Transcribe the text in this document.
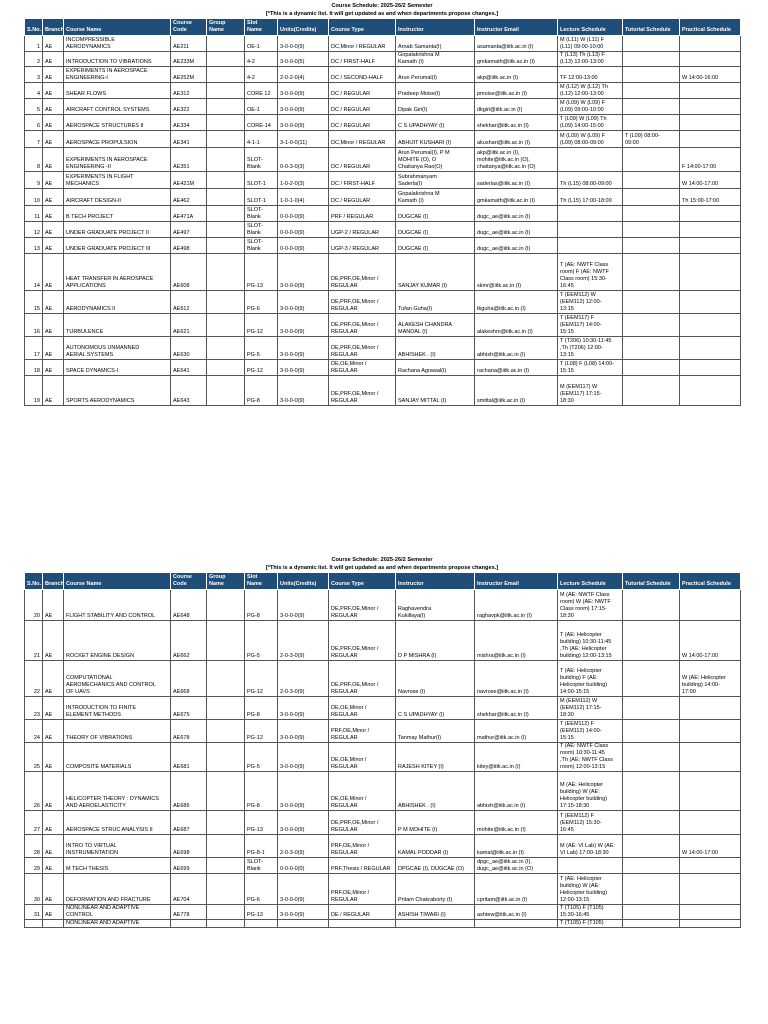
Course Schedule: 2025-26/2 Semester
[*This is a dynamic list. It will get updated as and when departments propose changes.]
S.No.	Branch	Course Name	Course
Code	Group
Name	Slot
Name	Units(Credits)	Course Type	Instructor	Instructor Email	Lecture Schedule	Tutorial Schedule	Practical Schedule
1	AE	INCOMPRESSIBLE
AERODYNAMICS	AE211		OE-1	3-0-0-0(9)	DC,Minor / REGULAR	Arnab Samanta(I)	asamanta@iitk.ac.in (I)	M (L11) W (L11) F
(L11) 09:00-10:00		
2	AE	INTRODUCTION TO VIBRATIONS	AE233M		4-2	3-0-0-0(5)	DC / FIRST-HALF	Gopalakrishna M
Kamath (I)	gmkamath@iitk.ac.in (I)	T (L13) Th (L13) F
(L13) 12:00-13:00		
3	AE	EXPERIMENTS IN AEROSPACE
ENGINEERING-I	AE252M		4-2	2-0-2-0(4)	DC / SECOND-HALF	Arun Perumal(I)	akp@iitk.ac.in (I)	TF 12:00-13:00		W 14:00-16:00
4	AE	SHEAR FLOWS	AE312		CORE 12	3-0-0-0(9)	DC / REGULAR	Pradeep Moise(I)	pmoise@iitk.ac.in (I)	M (L12) W (L12) Th
(L12) 12:00-13:00		
5	AE	AIRCRAFT CONTROL SYSTEMS	AE322		OE-1	3-0-0-0(9)	DC / REGULAR	Dipak Giri(I)	dkgiri@iitk.ac.in (I)	M (L09) W (L09) F
(L09) 09:00-10:00		
6	AE	AEROSPACE STRUCTURES II	AE334		CORE-14	3-0-0-0(9)	DC / REGULAR	C S UPADHYAY (I)	shekhar@iitk.ac.in (I)	T (L09) W (L09) Th
(L09) 14:00-15:00		
7	AE	AEROSPACE PROPULSION	AE341		4-1-1	3-1-0-0(11)	DC,Minor / REGULAR	ABHIJIT KUSHARI (I)	akushari@iitk.ac.in (I)	M (L09) W (L09) F
(L09) 08:00-09:00	T (L09) 08:00-
09:00	
8	AE	EXPERIMENTS IN AEROSPACE
ENGINEERING -II	AE351		SLOT-
Blank	0-0-3-0(3)	DC / REGULAR	Arun Perumal(I), P M
MOHITE (O), O
Chaitanya Rao(O)	akp@iitk.ac.in (I),
mohite@iitk.ac.in (O),
chaitanya@iitk.ac.in (O)			F 14:00-17:00
9	AE	EXPERIMENTS IN FLIGHT
MECHANICS	AE421M		SLOT-1	1-0-2-0(3)	DC / FIRST-HALF	Subrahmanyam
Saderla(I)	saderlas@iitk.ac.in (I)	Th (L15) 08:00-09:00		W 14:00-17:00
10	AE	AIRCRAFT DESIGN-II	AE462		SLOT-1	1-0-1-0(4)	DC / REGULAR	Gopalakrishna M
Kamath (I)	gmkamath@iitk.ac.in (I)	Th (L15) 17:00-18:00		Th 15:00-17:00
11	AE	B TECH PROJECT	AE471A		SLOT-
Blank	0-0-0-0(9)	PRF / REGULAR	DUGCAE (I)	dugc_ae@iitk.ac.in (I)			
12	AE	UNDER GRADUATE PROJECT II	AE497		SLOT-
Blank	0-0-0-0(9)	UGP-2 / REGULAR	DUGCAE (I)	dugc_ae@iitk.ac.in (I)			
13	AE	UNDER GRADUATE PROJECT III	AE498		SLOT-
Blank	0-0-0-0(9)	UGP-3 / REGULAR	DUGCAE (I)	dugc_ae@iitk.ac.in (I)			
14	AE	HEAT TRANSFER IN AEROSPACE
APPLICATIONS	AE608		PG-13	3-0-0-0(9)	DE,PRF,OE,Minor /
REGULAR	SANJAY KUMAR (I)	skmr@iitk.ac.in (I)	T (AE: NWTF Class
room) F (AE: NWTF
Class room) 15:30-
16:45		
15	AE	AERODYNAMICS II	AE612		PG-6	3-0-0-0(9)	DE,PRF,OE,Minor /
REGULAR	Tufan Guha(I)	tkguha@iitk.ac.in (I)	T (EEM112) W
(EEM112) 12:00-
13:15		
16	AE	TURBULENCE	AE621		PG-12	3-0-0-0(9)	DE,PRF,OE,Minor /
REGULAR	ALAKESH CHANDRA
MANDAL (I)	alakeshm@iitk.ac.in (I)	T (EEM117) F
(EEM117) 14:00-
15:15		
17	AE	AUTONOMOUS UNMANNED
AERIAL SYSTEMS	AE630		PG-5	3-0-0-0(9)	DE,PRF,OE,Minor /
REGULAR	ABHISHEK . (I)	abhish@iitk.ac.in (I)	T (T206) 10:30-11:45
,Th (T206) 12:00-
13:15		
18	AE	SPACE DYNAMICS-I	AE641		PG-12	3-0-0-0(9)	DE,OE,Minor /
REGULAR	Rachana Agrawal(I)	rachana@iitk.ac.in (I)	T (L08) F (L08) 14:00-
15:15		
19	AE	SPORTS AERODYNAMICS	AE643		PG-8	3-0-0-0(9)	DE,PRF,OE,Minor /
REGULAR	SANJAY MITTAL (I)	smittal@iitk.ac.in (I)	M (EEM117) W
(EEM117) 17:15-
18:30		
Course Schedule: 2025-26/2 Semester
[*This is a dynamic list. It will get updated as and when departments propose changes.]
S.No.	Branch	Course Name	Course
Code	Group
Name	Slot
Name	Units(Credits)	Course Type	Instructor	Instructor Email	Lecture Schedule	Tutorial Schedule	Practical Schedule
20	AE	FLIGHT STABILITY AND CONTROL	AE648		PG-8	3-0-0-0(9)	DE,PRF,OE,Minor /
REGULAR	Raghavendra
Kukillaya(I)	raghavpk@iitk.ac.in (I)	M (AE: NWTF Class
room) W (AE: NWTF
Class room) 17:15-
18:30		
21	AE	ROCKET ENGINE DESIGN	AE662		PG-5	2-0-3-0(9)	DE,PRF,OE,Minor /
REGULAR	D P MISHRA (I)	mishra@iitk.ac.in (I)	T (AE: Helicopter
building) 10:30-11:45
,Th (AE: Helicopter
building) 12:00-13:15		W 14:00-17:00
22	AE	COMPUTATIONAL
AEROMECHANICS AND CONTROL
OF UAVS	AE668		PG-12	2-0-3-0(9)	DE,PRF,OE,Minor /
REGULAR	Navrose (I)	navrose@iitk.ac.in (I)	T (AE: Helicopter
building) F (AE:
Helicopter building)
14:00-15:15		W (AE: Helicopter
building) 14:00-
17:00
23	AE	INTRODUCTION TO FINITE
ELEMENT METHODS	AE675		PG-8	3-0-0-0(9)	DE,OE,Minor /
REGULAR	C S UPADHYAY (I)	shekhar@iitk.ac.in (I)	M (EEM112) W
(EEM112) 17:15-
18:30		
24	AE	THEORY OF VIBRATIONS	AE678		PG-12	3-0-0-0(9)	PRF,OE,Minor /
REGULAR	Tanmay Mathur(I)	mathur@iitk.ac.in (I)	T (EEM112) F
(EEM112) 14:00-
15:15		
25	AE	COMPOSITE MATERIALS	AE681		PG-5	3-0-0-0(9)	DE,OE,Minor /
REGULAR	RAJESH KITEY (I)	kitey@iitk.ac.in (I)	T (AE: NWTF Class
room) 10:30-11:45
,Th (AE: NWTF Class
room) 12:00-13:15		
26	AE	HELICOPTER THEORY : DYNAMICS
AND AEROELASTICITY	AE686		PG-8	3-0-0-0(9)	DE,OE,Minor /
REGULAR	ABHISHEK . (I)	abhish@iitk.ac.in (I)	M (AE: Helicopter
building) W (AE:
Helicopter building)
17:15-18:30		
27	AE	AEROSPACE STRUC ANALYSIS II	AE687		PG-13	3-0-0-0(9)	DE,PRF,OE,Minor /
REGULAR	P M MOHITE (I)	mohite@iitk.ac.in (I)	T (EEM112) F
(EEM112) 15:30-
16:45		
28	AE	INTRO TO VIRTUAL
INSTRUMENTATION	AE698		PG-8-1	2-0-3-0(9)	PRF,OE,Minor /
REGULAR	KAMAL PODDAR (I)	kamal@iitk.ac.in (I)	M (AE: VI Lab) W (AE:
VI Lab) 17:00-18:30		W 14:00-17:00
29	AE	M TECH THESIS	AE699		SLOT-
Blank	0-0-0-0(0)	PRF,Thesis / REGULAR	DPGCAE (I), DUGCAE (O)	dpgc_ae@iitk.ac.in (I),
dugc_ae@iitk.ac.in (O)			
30	AE	DEFORMATION AND FRACTURE	AE704		PG-6	3-0-0-0(9)	PRF,OE,Minor /
REGULAR	Pritam Chakraborty (I)	cpritam@iitk.ac.in (I)	T (AE: Helicopter
building) W (AE:
Helicopter building)
12:00-13:15		
31	AE	NONLINEAR AND ADAPTIVE
CONTROL	AE778		PG-13	3-0-0-0(9)	DE / REGULAR	ASHISH TIWARI (I)	ashtew@iitk.ac.in (I)	T (T105) F (T105)
15:30-16:45		
		NONLINEAR AND ADAPTIVE								T (T105) F (T105)		
